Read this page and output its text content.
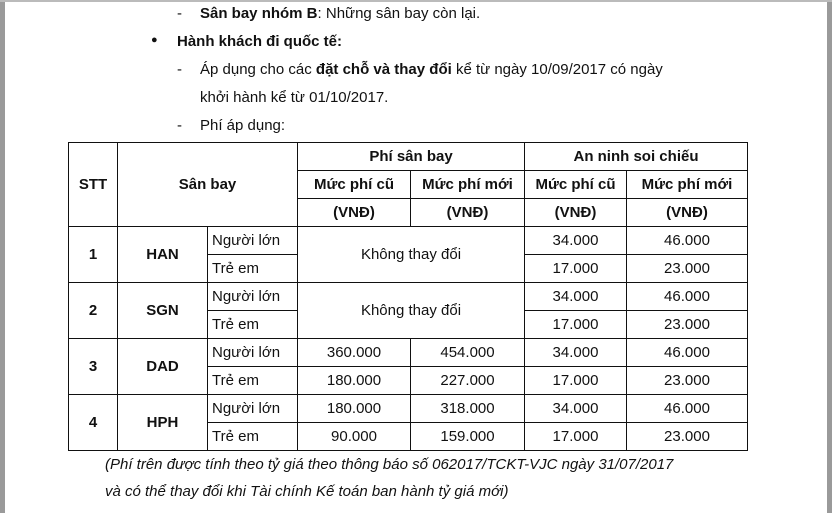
- Sân bay nhóm B: Những sân bay còn lại.
● Hành khách đi quốc tế:
- Áp dụng cho các đặt chỗ và thay đổi kể từ ngày 10/09/2017 có ngày
khởi hành kể từ 01/10/2017.
- Phí áp dụng:
STT	Sân bay		Phí sân bay		An ninh soi chiếu	
			Mức phí cũ	Mức phí mới	Mức phí cũ	Mức phí mới
			(VNĐ)	(VNĐ)	(VNĐ)	(VNĐ)
1	HAN	Người lớn	Không thay đổi		34.000	46.000
		Trẻ em			17.000	23.000
2	SGN	Người lớn	Không thay đổi		34.000	46.000
		Trẻ em			17.000	23.000
3	DAD	Người lớn	360.000	454.000	34.000	46.000
		Trẻ em	180.000	227.000	17.000	23.000
4	HPH	Người lớn	180.000	318.000	34.000	46.000
		Trẻ em	90.000	159.000	17.000	23.000
(Phí trên được tính theo tỷ giá theo thông báo số 062017/TCKT-VJC ngày 31/07/2017
và có thể thay đổi khi Tài chính Kế toán ban hành tỷ giá mới)
